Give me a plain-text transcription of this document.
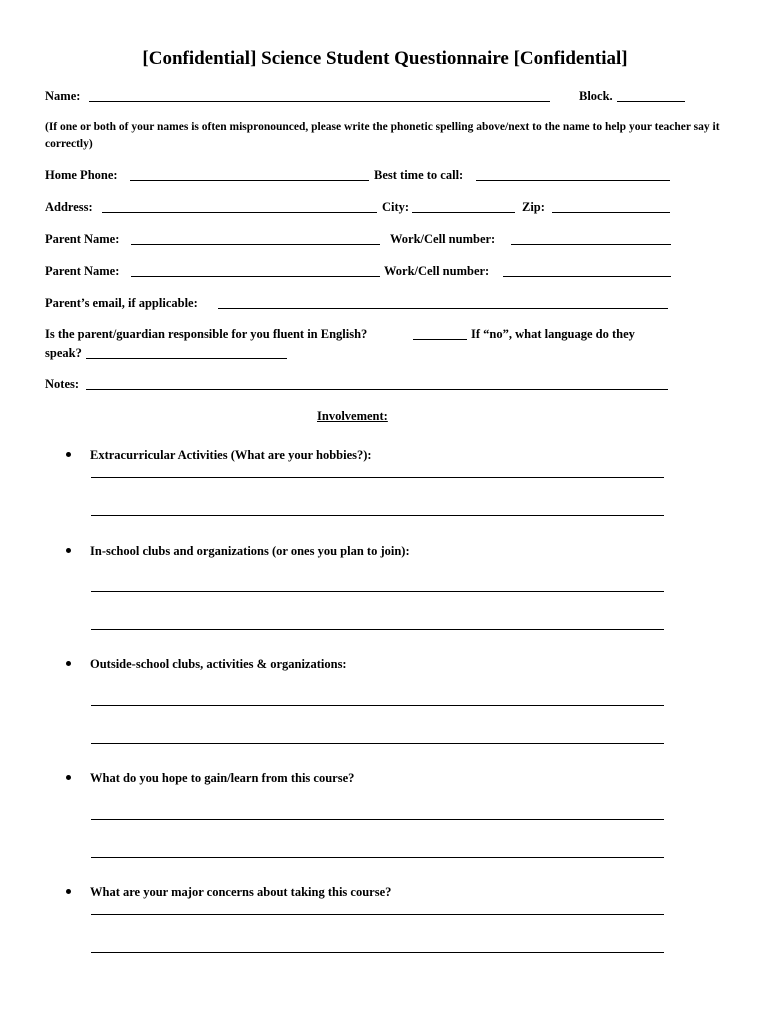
[Confidential] Science Student Questionnaire [Confidential]
Name:	Block.
(If one or both of your names is often mispronounced, please write the phonetic spelling above/next to the name to help your teacher say it correctly)
Home Phone:	Best time to call:
Address:	City:	Zip:
Parent Name:	Work/Cell number:
Parent Name:	Work/Cell number:
Parent’s email, if applicable:
Is the parent/guardian responsible for you fluent in English?	If “no”, what language do they
speak?
Notes:
Involvement:
Extracurricular Activities (What are your hobbies?):
In-school clubs and organizations (or ones you plan to join):
Outside-school clubs, activities & organizations:
What do you hope to gain/learn from this course?
What are your major concerns about taking this course?
